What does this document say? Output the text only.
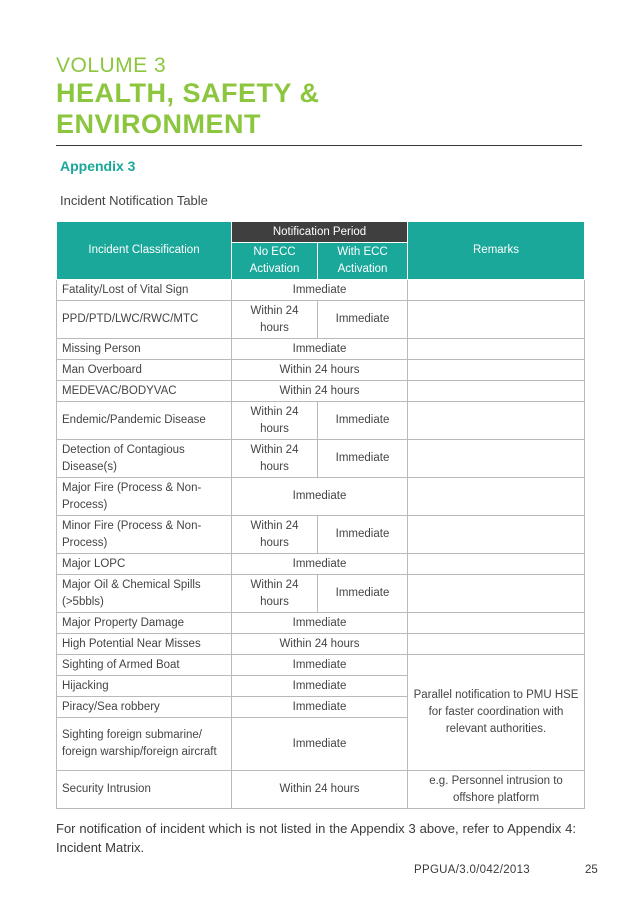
VOLUME 3
HEALTH, SAFETY &
ENVIRONMENT
Appendix 3
Incident Notification Table
Incident Classification	Notification Period		Remarks
	No ECC Activation	With ECC Activation	
Fatality/Lost of Vital Sign	Immediate		
PPD/PTD/LWC/RWC/MTC	Within 24 hours	Immediate	
Missing Person	Immediate		
Man Overboard	Within 24 hours		
MEDEVAC/BODYVAC	Within 24 hours		
Endemic/Pandemic Disease	Within 24 hours	Immediate	
Detection of Contagious Disease(s)	Within 24 hours	Immediate	
Major Fire (Process & Non-Process)	Immediate		
Minor Fire (Process & Non-Process)	Within 24 hours	Immediate	
Major LOPC	Immediate		
Major Oil & Chemical Spills (>5bbls)	Within 24 hours	Immediate	
Major Property Damage	Immediate		
High Potential Near Misses	Within 24 hours		
Sighting of Armed Boat	Immediate		Parallel notification to PMU HSE for faster coordination with relevant authorities.
Hijacking	Immediate		
Piracy/Sea robbery	Immediate		
Sighting foreign submarine/ foreign warship/foreign aircraft	Immediate		
Security Intrusion	Within 24 hours		e.g. Personnel intrusion to offshore platform
For notification of incident which is not listed in the Appendix 3 above, refer to Appendix 4: Incident Matrix.
PPGUA/3.0/042/2013	25
